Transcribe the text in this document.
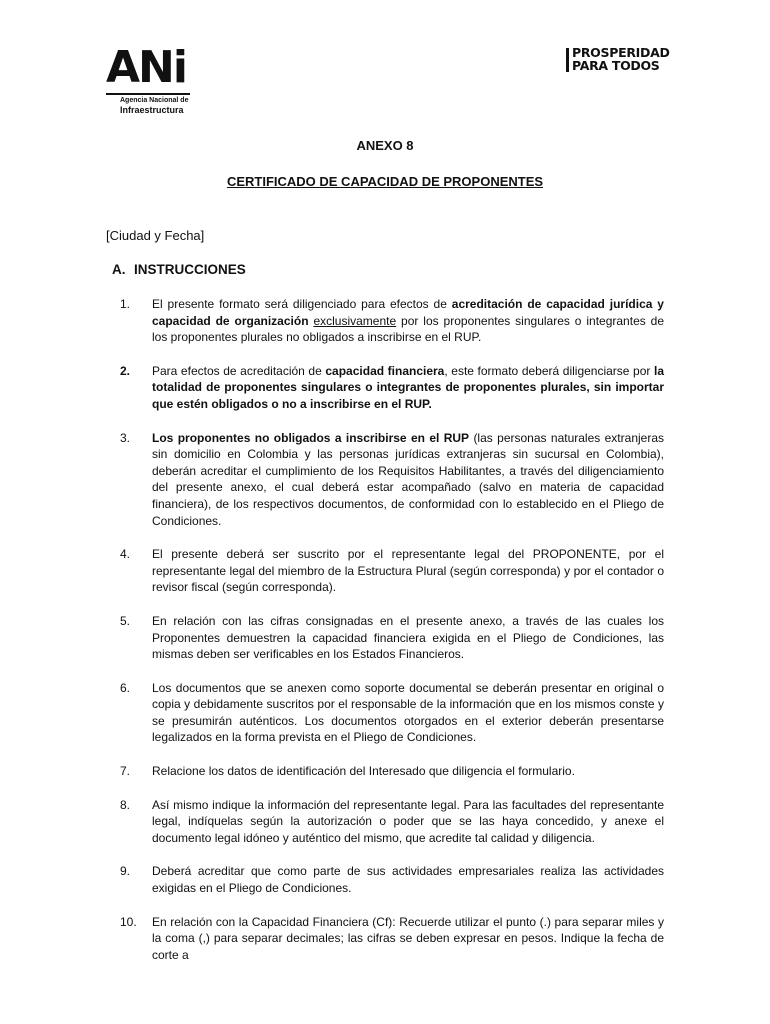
ANi
Agencia Nacional de
Infraestructura
PROSPERIDAD
PARA TODOS
ANEXO 8
CERTIFICADO DE CAPACIDAD DE PROPONENTES
[Ciudad y Fecha]
A. INSTRUCCIONES
1.	El presente formato será diligenciado para efectos de acreditación de capacidad jurídica y capacidad de organización exclusivamente por los proponentes singulares o integrantes de los proponentes plurales no obligados a inscribirse en el RUP.
2.	Para efectos de acreditación de capacidad financiera, este formato deberá diligenciarse por la totalidad de proponentes singulares o integrantes de proponentes plurales, sin importar que estén obligados o no a inscribirse en el RUP.
3.	Los proponentes no obligados a inscribirse en el RUP (las personas naturales extranjeras sin domicilio en Colombia y las personas jurídicas extranjeras sin sucursal en Colombia), deberán acreditar el cumplimiento de los Requisitos Habilitantes, a través del diligenciamiento del presente anexo, el cual deberá estar acompañado (salvo en materia de capacidad financiera), de los respectivos documentos, de conformidad con lo establecido en el Pliego de Condiciones.
4.	El presente deberá ser suscrito por el representante legal del PROPONENTE, por el representante legal del miembro de la Estructura Plural (según corresponda) y por el contador o revisor fiscal (según corresponda).
5.	En relación con las cifras consignadas en el presente anexo, a través de las cuales los Proponentes demuestren la capacidad financiera exigida en el Pliego de Condiciones, las mismas deben ser verificables en los Estados Financieros.
6.	Los documentos que se anexen como soporte documental se deberán presentar en original o copia y debidamente suscritos por el responsable de la información que en los mismos conste y se presumirán auténticos. Los documentos otorgados en el exterior deberán presentarse legalizados en la forma prevista en el Pliego de Condiciones.
7.	Relacione los datos de identificación del Interesado que diligencia el formulario.
8.	Así mismo indique la información del representante legal. Para las facultades del representante legal, indíquelas según la autorización o poder que se las haya concedido, y anexe el documento legal idóneo y auténtico del mismo, que acredite tal calidad y diligencia.
9.	Deberá acreditar que como parte de sus actividades empresariales realiza las actividades exigidas en el Pliego de Condiciones.
10.	En relación con la Capacidad Financiera (Cf): Recuerde utilizar el punto (.) para separar miles y la coma (,) para separar decimales; las cifras se deben expresar en pesos. Indique la fecha de corte a
